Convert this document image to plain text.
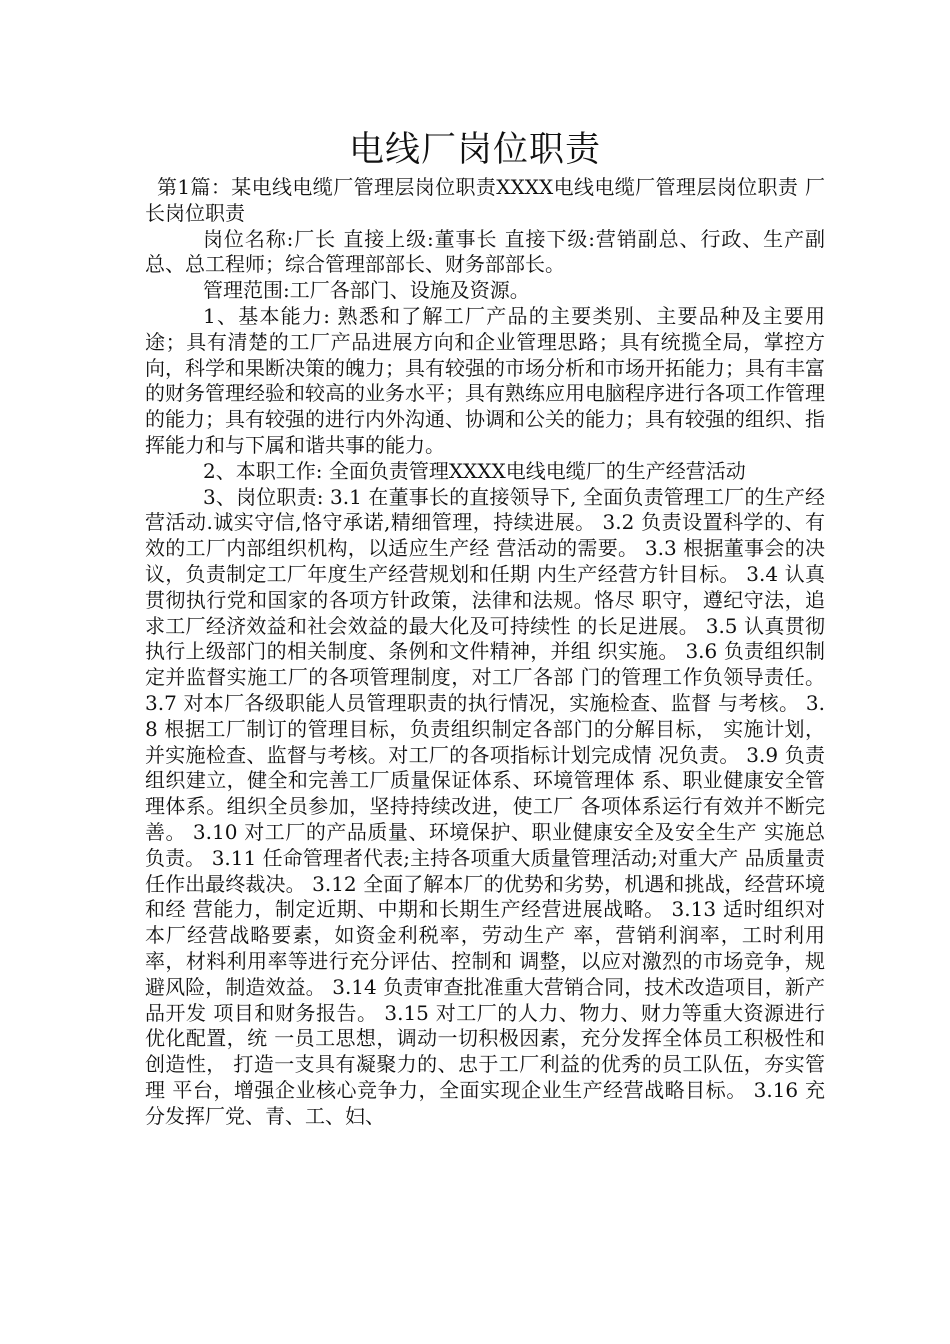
电线厂岗位职责

第1篇：某电线电缆厂管理层岗位职责XXXX电线电缆厂管理层岗位职责 厂长岗位职责

岗位名称:厂长 直接上级:董事长 直接下级:营销副总、行政、生产副总、总工程师；综合管理部部长、财务部部长。

管理范围:工厂各部门、设施及资源。

1、基本能力: 熟悉和了解工厂产品的主要类别、主要品种及主要用途；具有清楚的工厂产品进展方向和企业管理思路；具有统揽全局，掌控方向，科学和果断决策的魄力；具有较强的市场分析和市场开拓能力；具有丰富的财务管理经验和较高的业务水平；具有熟练应用电脑程序进行各项工作管理的能力；具有较强的进行内外沟通、协调和公关的能力；具有较强的组织、指挥能力和与下属和谐共事的能力。

2、本职工作: 全面负责管理XXXX电线电缆厂的生产经营活动

3、岗位职责: 3.1 在董事长的直接领导下, 全面负责管理工厂的生产经营活动.诚实守信,恪守承诺,精细管理，持续进展。 3.2 负责设置科学的、有效的工厂内部组织机构，以适应生产经 营活动的需要。 3.3 根据董事会的决议，负责制定工厂年度生产经营规划和任期 内生产经营方针目标。 3.4 认真贯彻执行党和国家的各项方针政策，法律和法规。恪尽 职守，遵纪守法，追求工厂经济效益和社会效益的最大化及可持续性 的长足进展。 3.5 认真贯彻执行上级部门的相关制度、条例和文件精神，并组 织实施。 3.6 负责组织制定并监督实施工厂的各项管理制度，对工厂各部 门的管理工作负领导责任。 3.7 对本厂各级职能人员管理职责的执行情况，实施检查、监督 与考核。 3.8 根据工厂制订的管理目标，负责组织制定各部门的分解目标， 实施计划，并实施检查、监督与考核。对工厂的各项指标计划完成情 况负责。 3.9 负责组织建立，健全和完善工厂质量保证体系、环境管理体 系、职业健康安全管理体系。组织全员参加，坚持持续改进，使工厂 各项体系运行有效并不断完善。 3.10 对工厂的产品质量、环境保护、职业健康安全及安全生产 实施总负责。 3.11 任命管理者代表;主持各项重大质量管理活动;对重大产 品质量责任作出最终裁决。 3.12 全面了解本厂的优势和劣势，机遇和挑战，经营环境和经 营能力，制定近期、中期和长期生产经营进展战略。 3.13 适时组织对本厂经营战略要素，如资金利税率，劳动生产 率，营销利润率，工时利用率，材料利用率等进行充分评估、控制和 调整，以应对激烈的市场竞争，规避风险，制造效益。 3.14 负责审查批准重大营销合同，技术改造项目，新产品开发 项目和财务报告。 3.15 对工厂的人力、物力、财力等重大资源进行优化配置，统 一员工思想，调动一切积极因素，充分发挥全体员工积极性和创造性， 打造一支具有凝聚力的、忠于工厂利益的优秀的员工队伍，夯实管理 平台，增强企业核心竞争力，全面实现企业生产经营战略目标。 3.16 充分发挥厂党、青、工、妇、
